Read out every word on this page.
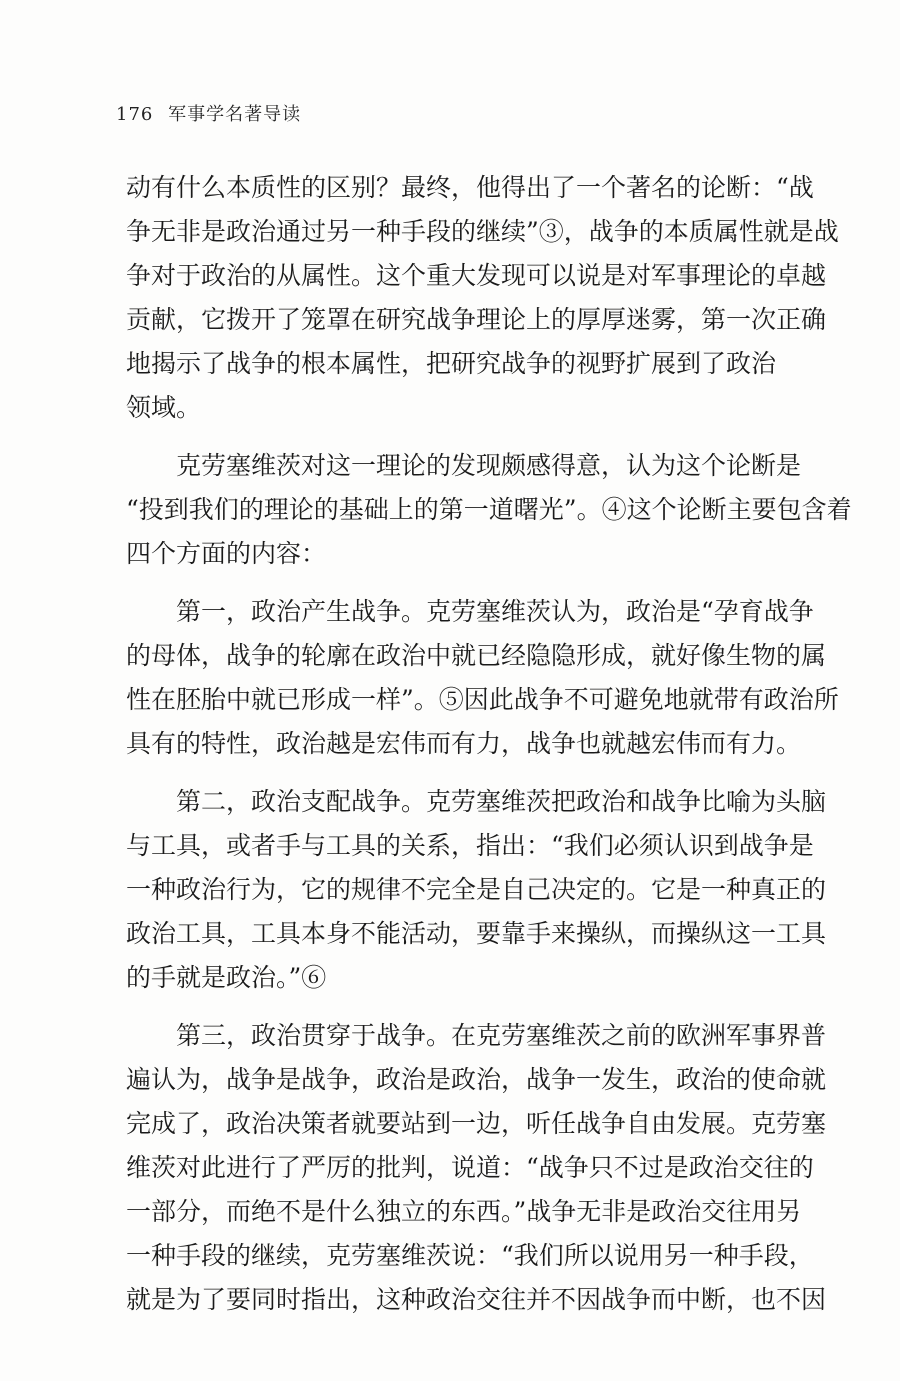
176 军事学名著导读
动有什么本质性的区别？最终，他得出了一个著名的论断：“战
争无非是政治通过另一种手段的继续”③，战争的本质属性就是战
争对于政治的从属性。这个重大发现可以说是对军事理论的卓越
贡献，它拨开了笼罩在研究战争理论上的厚厚迷雾，第一次正确
地揭示了战争的根本属性，把研究战争的视野扩展到了政治
领域。
　　克劳塞维茨对这一理论的发现颇感得意，认为这个论断是
“投到我们的理论的基础上的第一道曙光”。④这个论断主要包含着
四个方面的内容：
　　第一，政治产生战争。克劳塞维茨认为，政治是“孕育战争
的母体，战争的轮廓在政治中就已经隐隐形成，就好像生物的属
性在胚胎中就已形成一样”。⑤因此战争不可避免地就带有政治所
具有的特性，政治越是宏伟而有力，战争也就越宏伟而有力。
　　第二，政治支配战争。克劳塞维茨把政治和战争比喻为头脑
与工具，或者手与工具的关系，指出：“我们必须认识到战争是
一种政治行为，它的规律不完全是自己决定的。它是一种真正的
政治工具，工具本身不能活动，要靠手来操纵，而操纵这一工具
的手就是政治。”⑥
　　第三，政治贯穿于战争。在克劳塞维茨之前的欧洲军事界普
遍认为，战争是战争，政治是政治，战争一发生，政治的使命就
完成了，政治决策者就要站到一边，听任战争自由发展。克劳塞
维茨对此进行了严厉的批判，说道：“战争只不过是政治交往的
一部分，而绝不是什么独立的东西。”战争无非是政治交往用另
一种手段的继续，克劳塞维茨说：“我们所以说用另一种手段，
就是为了要同时指出，这种政治交往并不因战争而中断，也不因
